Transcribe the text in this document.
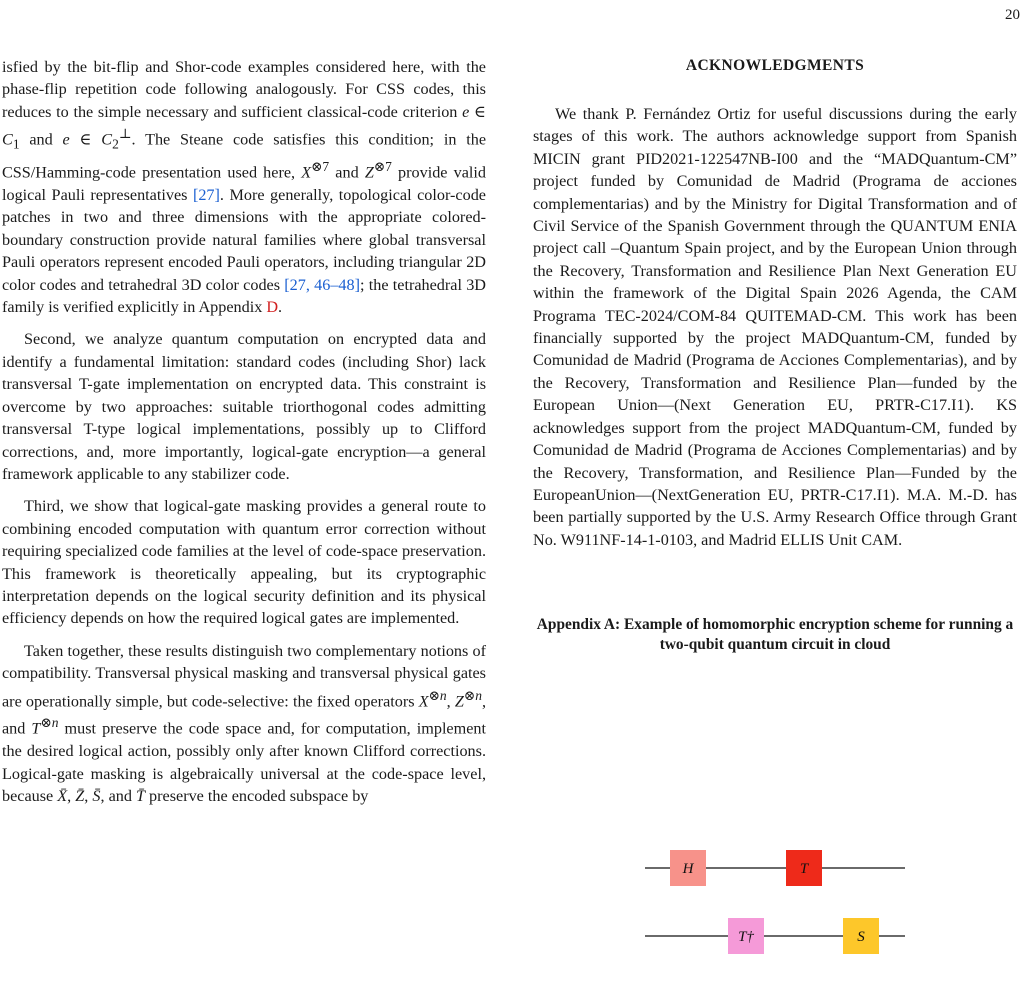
20

isfied by the bit-flip and Shor-code examples considered here, with the phase-flip repetition code following analogously. For CSS codes, this reduces to the simple necessary and sufficient classical-code criterion e ∈ $C_1$ and e ∈ $C_2^\perp$. The Steane code satisfies this condition; in the CSS/Hamming-code presentation used here, $X^{\otimes 7}$ and $Z^{\otimes 7}$ provide valid logical Pauli representatives [27]. More generally, topological color-code patches in two and three dimensions with the appropriate colored-boundary construction provide natural families where global transversal Pauli operators represent encoded Pauli operators, including triangular 2D color codes and tetrahedral 3D color codes [27, 46–48]; the tetrahedral 3D family is verified explicitly in Appendix D.

Second, we analyze quantum computation on encrypted data and identify a fundamental limitation: standard codes (including Shor) lack transversal T-gate implementation on encrypted data. This constraint is overcome by two approaches: suitable triorthogonal codes admitting transversal T-type logical implementations, possibly up to Clifford corrections, and, more importantly, logical-gate encryption—a general framework applicable to any stabilizer code.

Third, we show that logical-gate masking provides a general route to combining encoded computation with quantum error correction without requiring specialized code families at the level of code-space preservation. This framework is theoretically appealing, but its cryptographic interpretation depends on the logical security definition and its physical efficiency depends on how the required logical gates are implemented.

Taken together, these results distinguish two complementary notions of compatibility. Transversal physical masking and transversal physical gates are operationally simple, but code-selective: the fixed operators $X^{\otimes n}$, $Z^{\otimes n}$, and $T^{\otimes n}$ must preserve the code space and, for computation, implement the desired logical action, possibly only after known Clifford corrections. Logical-gate masking is algebraically universal at the code-space level, because X̄, Z̄, S̄, and T̄ preserve the encoded subspace by

ACKNOWLEDGMENTS

We thank P. Fernández Ortiz for useful discussions during the early stages of this work. The authors acknowledge support from Spanish MICIN grant PID2021-122547NB-I00 and the “MADQuantum-CM” project funded by Comunidad de Madrid (Programa de acciones complementarias) and by the Ministry for Digital Transformation and of Civil Service of the Spanish Government through the QUANTUM ENIA project call –Quantum Spain project, and by the European Union through the Recovery, Transformation and Resilience Plan Next Generation EU within the framework of the Digital Spain 2026 Agenda, the CAM Programa TEC-2024/COM-84 QUITEMAD-CM. This work has been financially supported by the project MADQuantum-CM, funded by Comunidad de Madrid (Programa de Acciones Complementarias), and by the Recovery, Transformation and Resilience Plan—funded by the European Union—(Next Generation EU, PRTR-C17.I1). KS acknowledges support from the project MADQuantum-CM, funded by Comunidad de Madrid (Programa de Acciones Complementarias) and by the Recovery, Transformation, and Resilience Plan—Funded by the EuropeanUnion—(NextGeneration EU, PRTR-C17.I1). M.A. M.-D. has been partially supported by the U.S. Army Research Office through Grant No. W911NF-14-1-0103, and Madrid ELLIS Unit CAM.

Appendix A: Example of homomorphic encryption scheme for running a two-qubit quantum circuit in cloud
H	T
T†	S
